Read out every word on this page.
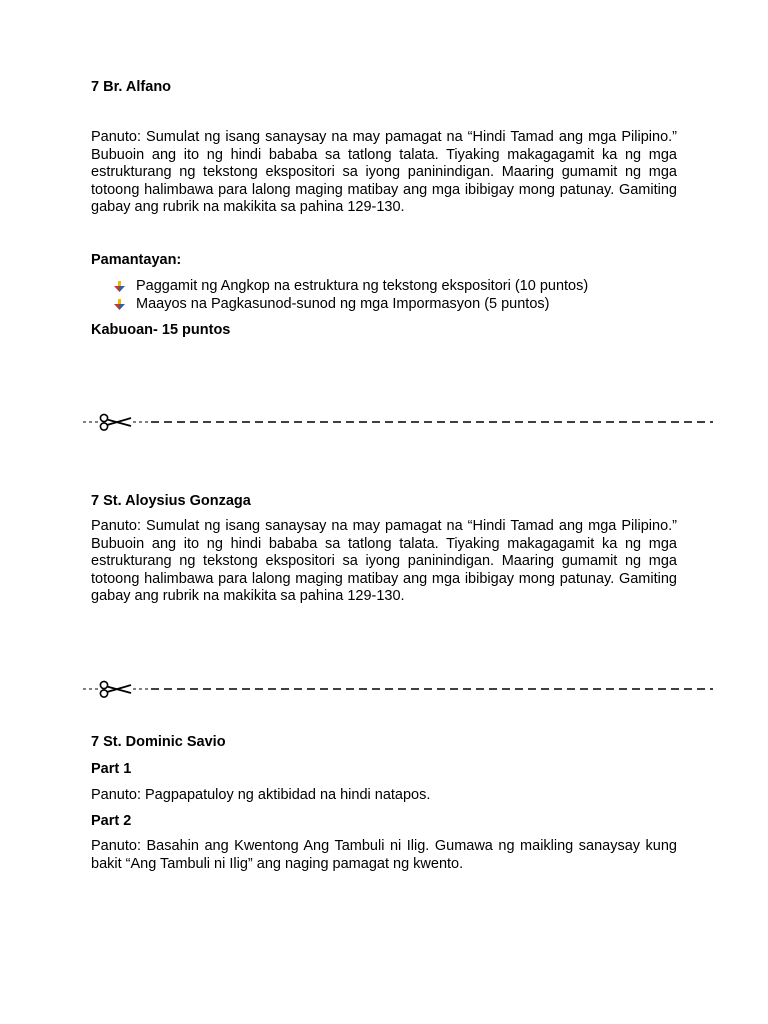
7 Br. Alfano

Panuto: Sumulat ng isang sanaysay na may pamagat na “Hindi Tamad ang mga Pilipino.” Bubuoin ang ito ng hindi bababa sa tatlong talata. Tiyaking makagagamit ka ng mga estrukturang ng tekstong ekspositori sa iyong paninindigan. Maaring gumamit ng mga totoong halimbawa para lalong maging matibay ang mga ibibigay mong patunay. Gamiting gabay ang rubrik na makikita sa pahina 129-130.

Pamantayan:
Paggamit ng Angkop na estruktura ng tekstong ekspositori (10 puntos)
Maayos na Pagkasunod-sunod ng mga Impormasyon (5 puntos)
Kabuoan- 15 puntos
7 St. Aloysius Gonzaga

Panuto: Sumulat ng isang sanaysay na may pamagat na “Hindi Tamad ang mga Pilipino.” Bubuoin ang ito ng hindi bababa sa tatlong talata. Tiyaking makagagamit ka ng mga estrukturang ng tekstong ekspositori sa iyong paninindigan. Maaring gumamit ng mga totoong halimbawa para lalong maging matibay ang mga ibibigay mong patunay. Gamiting gabay ang rubrik na makikita sa pahina 129-130.

7 St. Dominic Savio
Part 1
Panuto: Pagpapatuloy ng aktibidad na hindi natapos.
Part 2

Panuto: Basahin ang Kwentong Ang Tambuli ni Ilig. Gumawa ng maikling sanaysay kung bakit “Ang Tambuli ni Ilig” ang naging pamagat ng kwento.
